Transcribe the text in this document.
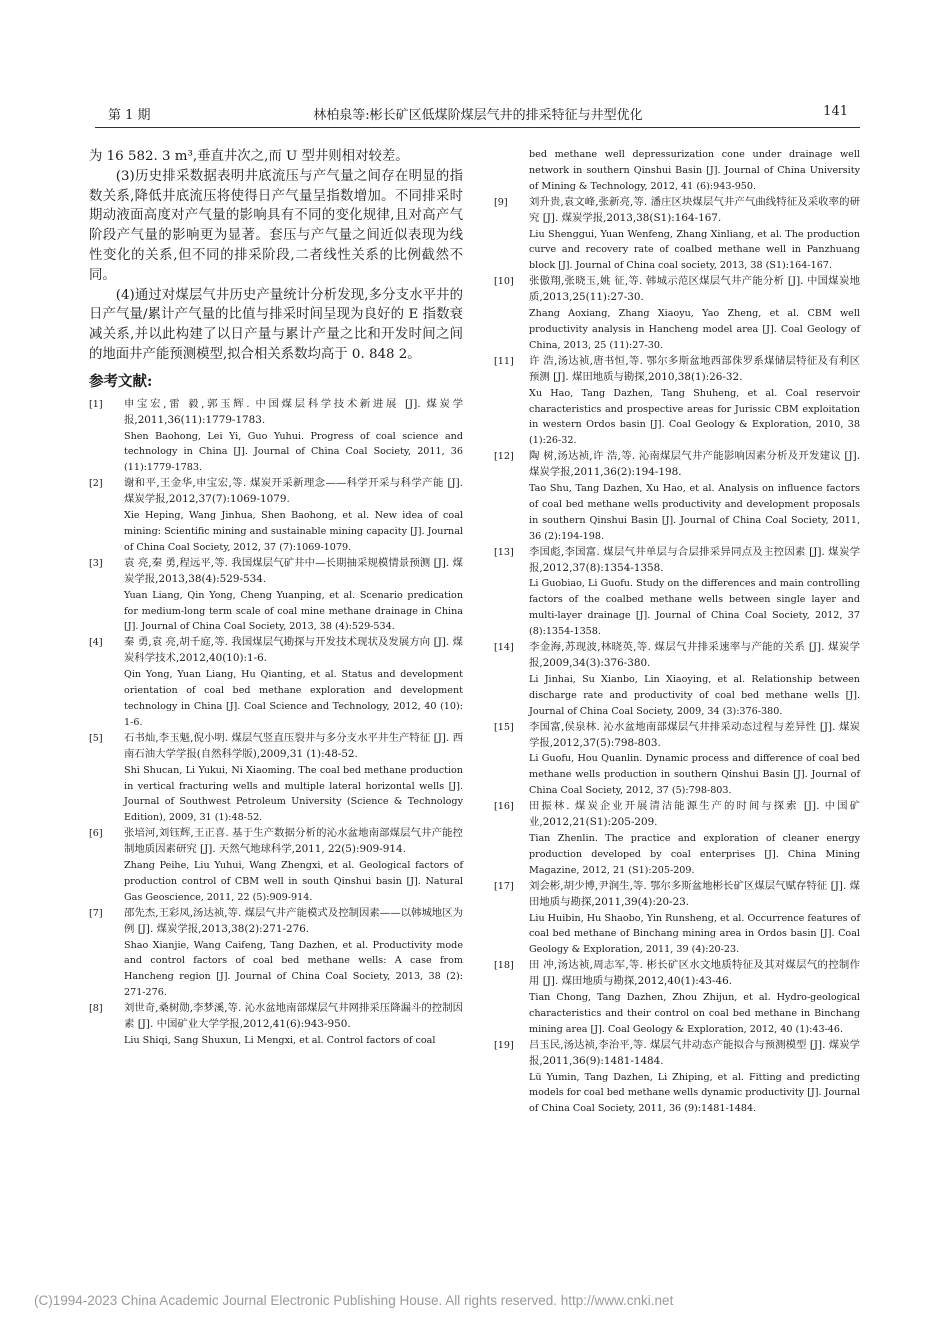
第 1 期	林柏泉等:彬长矿区低煤阶煤层气井的排采特征与井型优化	141

为 16 582. 3 m³,垂直井次之,而 U 型井则相对较差。

(3)历史排采数据表明井底流压与产气量之间存在明显的指数关系,降低井底流压将使得日产气量呈指数增加。不同排采时期动液面高度对产气量的影响具有不同的变化规律,且对高产气阶段产气量的影响更为显著。套压与产气量之间近似表现为线性变化的关系,但不同的排采阶段,二者线性关系的比例截然不同。

(4)通过对煤层气井历史产量统计分析发现,多分支水平井的日产气量/累计产气量的比值与排采时间呈现为良好的 E 指数衰减关系,并以此构建了以日产量与累计产量之比和开发时间之间的地面井产能预测模型,拟合相关系数均高于 0. 848 2。

参考文献:
[1]	申宝宏,雷 毅,郭玉辉. 中国煤层科学技术新进展 [J]. 煤炭学报,2011,36(11):1779-1783.
Shen Baohong, Lei Yi, Guo Yuhui. Progress of coal science and technology in China [J]. Journal of China Coal Society, 2011, 36 (11):1779-1783.
[2]	谢和平,王金华,申宝宏,等. 煤炭开采新理念——科学开采与科学产能 [J]. 煤炭学报,2012,37(7):1069-1079.
Xie Heping, Wang Jinhua, Shen Baohong, et al. New idea of coal mining: Scientific mining and sustainable mining capacity [J]. Journal of China Coal Society, 2012, 37 (7):1069-1079.
[3]	袁 亮,秦 勇,程远平,等. 我国煤层气矿井中—长期抽采规模情景预测 [J]. 煤炭学报,2013,38(4):529-534.
Yuan Liang, Qin Yong, Cheng Yuanping, et al. Scenario predication for medium-long term scale of coal mine methane drainage in China [J]. Journal of China Coal Society, 2013, 38 (4):529-534.
[4]	秦 勇,袁 亮,胡千庭,等. 我国煤层气勘探与开发技术现状及发展方向 [J]. 煤炭科学技术,2012,40(10):1-6.
Qin Yong, Yuan Liang, Hu Qianting, et al. Status and development orientation of coal bed methane exploration and development technology in China [J]. Coal Science and Technology, 2012, 40 (10): 1-6.
[5]	石书灿,李玉魁,倪小明. 煤层气竖直压裂井与多分支水平井生产特征 [J]. 西南石油大学学报(自然科学版),2009,31 (1):48-52.
Shi Shucan, Li Yukui, Ni Xiaoming. The coal bed methane production in vertical fracturing wells and multiple lateral horizontal wells [J]. Journal of Southwest Petroleum University (Science & Technology Edition), 2009, 31 (1):48-52.
[6]	张培河,刘钰辉,王正喜. 基于生产数据分析的沁水盆地南部煤层气井产能控制地质因素研究 [J]. 天然气地球科学,2011, 22(5):909-914.
Zhang Peihe, Liu Yuhui, Wang Zhengxi, et al. Geological factors of production control of CBM well in south Qinshui basin [J]. Natural Gas Geoscience, 2011, 22 (5):909-914.
[7]	邵先杰,王彩凤,汤达祯,等. 煤层气井产能模式及控制因素——以韩城地区为例 [J]. 煤炭学报,2013,38(2):271-276.
Shao Xianjie, Wang Caifeng, Tang Dazhen, et al. Productivity mode and control factors of coal bed methane wells: A case from Hancheng region [J]. Journal of China Coal Society, 2013, 38 (2): 271-276.
[8]	刘世奇,桑树勋,李梦溪,等. 沁水盆地南部煤层气井网排采压降漏斗的控制因素 [J]. 中国矿业大学学报,2012,41(6):943-950.
Liu Shiqi, Sang Shuxun, Li Mengxi, et al. Control factors of coal
bed methane well depressurization cone under drainage well network in southern Qinshui Basin [J]. Journal of China University of Mining & Technology, 2012, 41 (6):943-950.
[9]	刘升贵,袁文峰,张新亮,等. 潘庄区块煤层气井产气曲线特征及采收率的研究 [J]. 煤炭学报,2013,38(S1):164-167.
Liu Shenggui, Yuan Wenfeng, Zhang Xinliang, et al. The production curve and recovery rate of coalbed methane well in Panzhuang block [J]. Journal of China coal society, 2013, 38 (S1):164-167.
[10]	张傲翔,张晓玉,姚 征,等. 韩城示范区煤层气井产能分析 [J]. 中国煤炭地质,2013,25(11):27-30.
Zhang Aoxiang, Zhang Xiaoyu, Yao Zheng, et al. CBM well productivity analysis in Hancheng model area [J]. Coal Geology of China, 2013, 25 (11):27-30.
[11]	许 浩,汤达祯,唐书恒,等. 鄂尔多斯盆地西部侏罗系煤储层特征及有利区预测 [J]. 煤田地质与勘探,2010,38(1):26-32.
Xu Hao, Tang Dazhen, Tang Shuheng, et al. Coal reservoir characteristics and prospective areas for Jurissic CBM exploitation in western Ordos basin [J]. Coal Geology & Exploration, 2010, 38 (1):26-32.
[12]	陶 树,汤达祯,许 浩,等. 沁南煤层气井产能影响因素分析及开发建议 [J]. 煤炭学报,2011,36(2):194-198.
Tao Shu, Tang Dazhen, Xu Hao, et al. Analysis on influence factors of coal bed methane wells productivity and development proposals in southern Qinshui Basin [J]. Journal of China Coal Society, 2011, 36 (2):194-198.
[13]	李国彪,李国富. 煤层气井单层与合层排采异同点及主控因素 [J]. 煤炭学报,2012,37(8):1354-1358.
Li Guobiao, Li Guofu. Study on the differences and main controlling factors of the coalbed methane wells between single layer and multi-layer drainage [J]. Journal of China Coal Society, 2012, 37 (8):1354-1358.
[14]	李金海,苏现波,林晓英,等. 煤层气井排采速率与产能的关系 [J]. 煤炭学报,2009,34(3):376-380.
Li Jinhai, Su Xianbo, Lin Xiaoying, et al. Relationship between discharge rate and productivity of coal bed methane wells [J]. Journal of China Coal Society, 2009, 34 (3):376-380.
[15]	李国富,侯泉林. 沁水盆地南部煤层气井排采动态过程与差异性 [J]. 煤炭学报,2012,37(5):798-803.
Li Guofu, Hou Quanlin. Dynamic process and difference of coal bed methane wells production in southern Qinshui Basin [J]. Journal of China Coal Society, 2012, 37 (5):798-803.
[16]	田振林. 煤炭企业开展清洁能源生产的时间与探索 [J]. 中国矿业,2012,21(S1):205-209.
Tian Zhenlin. The practice and exploration of cleaner energy production developed by coal enterprises [J]. China Mining Magazine, 2012, 21 (S1):205-209.
[17]	刘会彬,胡少博,尹润生,等. 鄂尔多斯盆地彬长矿区煤层气赋存特征 [J]. 煤田地质与勘探,2011,39(4):20-23.
Liu Huibin, Hu Shaobo, Yin Runsheng, et al. Occurrence features of coal bed methane of Binchang mining area in Ordos basin [J]. Coal Geology & Exploration, 2011, 39 (4):20-23.
[18]	田 冲,汤达祯,周志军,等. 彬长矿区水文地质特征及其对煤层气的控制作用 [J]. 煤田地质与勘探,2012,40(1):43-46.
Tian Chong, Tang Dazhen, Zhou Zhijun, et al. Hydro-geological characteristics and their control on coal bed methane in Binchang mining area [J]. Coal Geology & Exploration, 2012, 40 (1):43-46.
[19]	吕玉民,汤达祯,李治平,等. 煤层气井动态产能拟合与预测模型 [J]. 煤炭学报,2011,36(9):1481-1484.
Lü Yumin, Tang Dazhen, Li Zhiping, et al. Fitting and predicting models for coal bed methane wells dynamic productivity [J]. Journal of China Coal Society, 2011, 36 (9):1481-1484.
(C)1994-2023 China Academic Journal Electronic Publishing House. All rights reserved. http://www.cnki.net
